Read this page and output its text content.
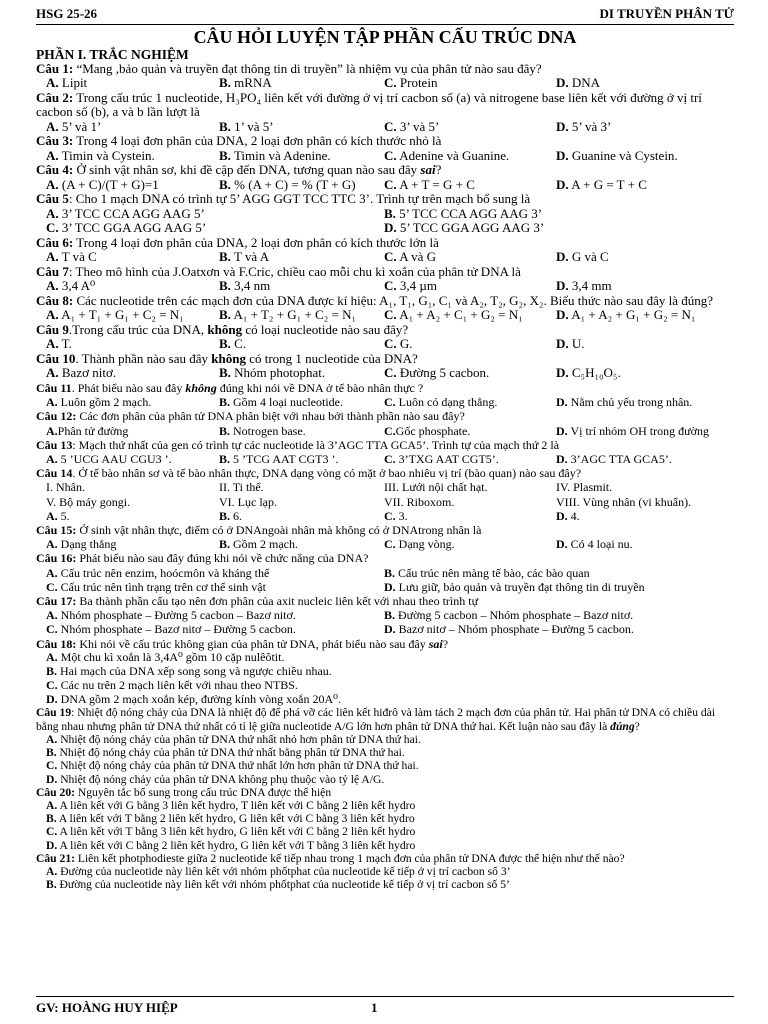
HSG 25-26	DI TRUYỀN PHÂN TỬ
CÂU HỎI LUYỆN TẬP PHẦN CẤU TRÚC DNA
PHẦN I. TRẮC NGHIỆM
Câu 1: “Mang ,bảo quản và truyền đạt thông tin di truyền” là nhiệm vụ của phân tử nào sau đây?
A. Lipit	B. mRNA	C. Protein	D. DNA
Câu 2: Trong cấu trúc 1 nucleotide, H₃PO₄ liên kết với đường ở vị trí cacbon số (a) và nitrogene base liên kết với đường ở vị trí cacbon số (b), a và b lần lượt là
A. 5’ và 1’	B. 1’ và 5’	C. 3’ và 5’	D. 5’ và 3’
Câu 3: Trong 4 loại đơn phân của DNA, 2 loại đơn phân có kích thước nhỏ là
A. Timin và Cystein.	B. Timin và Adenine.	C. Adenine và Guanine.	D. Guanine và Cystein.
Câu 4: Ở sinh vật nhân sơ, khi đề cập đến DNA, tương quan nào sau đây sai?
A. (A + C)/(T + G)=1	B. % (A + C) = % (T + G)	C. A + T = G + C	D. A + G = T + C
Câu 5: Cho 1 mạch DNA có trình tự 5’ AGG GGT TCC TTC 3’. Trình tự trên mạch bổ sung là
A. 3’ TCC CCA AGG AAG 5’	B. 5’ TCC CCA AGG AAG 3’
C. 3’ TCC GGA AGG AAG 5’	D. 5’ TCC GGA AGG AAG 3’
Câu 6: Trong 4 loại đơn phân của DNA, 2 loại đơn phân có kích thước lớn là
A. T và C	B. T và A	C. A và G	D. G và C
Câu 7: Theo mô hình của J.Oatxơn và F.Cric, chiều cao mỗi chu kì xoắn của phân tử DNA là
A. 3,4 A⁰	B. 3,4 nm	C. 3,4 µm	D. 3,4 mm
Câu 8: Các nucleotide trên các mạch đơn của DNA được kí hiệu: A₁, T₁, G₁, C₁ và A₂, T₂, G₂, X₂. Biểu thức nào sau đây là đúng?
A. A₁ + T₁ + G₁ + C₂ = N₁	B. A₁ + T₂ + G₁ + C₂ = N₁	C. A₁ + A₂ + C₁ + G₂ = N₁	D. A₁ + A₂ + G₁ + G₂ = N₁
Câu 9.Trong cấu trúc của DNA, không có loại nucleotide nào sau đây?
A. T.	B. C.	C. G.	D. U.
Câu 10. Thành phần nào sau đây không có trong 1 nucleotide của DNA?
A. Bazơ nitơ.	B. Nhóm photophat.	C. Đường 5 cacbon.	D. C₅H₁₀O₅.
Câu 11. Phát biểu nào sau đây không đúng khi nói về DNA ở tế bào nhân thực ?
A. Luôn gồm 2 mạch.	B. Gồm 4 loại nucleotide.	C. Luôn có dạng thẳng.	D. Nằm chủ yếu trong nhân.
Câu 12: Các đơn phân của phân tử DNA phân biệt với nhau bởi thành phần nào sau đây?
A.Phân tử đường	B. Notrogen base.	C.Gốc phosphate.	D. Vị trí nhóm OH trong đường
Câu 13: Mạch thứ nhất của gen có trình tự các nucleotide là 3’AGC TTA GCA5’. Trình tự của mạch thứ 2 là
A. 5 ’UCG AAU CGU3 ’.	B. 5 ’TCG AAT CGT3 ’.	C. 3’TXG AAT CGT5’.	D. 3’AGC TTA GCA5’.
Câu 14. Ở tế bào nhân sơ và tế bào nhân thực, DNA dạng vòng có mặt ở bao nhiêu vị trí (bào quan) nào sau đây?
I. Nhân.	II. Ti thể.	III. Lưới nội chất hạt.	IV. Plasmit.
V. Bộ máy gongi.	VI. Lục lạp.	VII. Riboxom.	VIII. Vùng nhân (vi khuẩn).
A. 5.	B. 6.	C. 3.	D. 4.
Câu 15: Ở sinh vật nhân thực, điểm có ở DNAngoài nhân mà không có ở DNAtrong nhân là
A. Dạng thẳng	B. Gồm 2 mạch.	C. Dạng vòng.	D. Có 4 loại nu.
Câu 16: Phát biểu nào sau đây đúng khi nói về chức năng của DNA?
A. Cấu trúc nên enzim, hoócmôn và kháng thể	B. Cấu trúc nên màng tế bào, các bào quan
C. Cấu trúc nên tình trạng trên cơ thể sinh vật	D. Lưu giữ, bảo quản và truyền đạt thông tin di truyền
Câu 17: Ba thành phần cấu tạo nên đơn phân của axit nucleic liên kết với nhau theo trình tự
A. Nhóm phosphate – Đường 5 cacbon – Bazơ nitơ.	B. Đường 5 cacbon – Nhóm phosphate – Bazơ nitơ.
C. Nhóm phosphate – Bazơ nitơ – Đường 5 cacbon.	D. Bazơ nitơ – Nhóm phosphate – Đường 5 cacbon.
Câu 18: Khi nói về cấu trúc không gian của phân tử DNA, phát biểu nào sau đây sai?
A. Một chu kì xoắn là 3,4A⁰ gồm 10 cặp nulêôtit.
B. Hai mạch của DNA xếp song song và ngược chiều nhau.
C. Các nu trên 2 mạch liên kết với nhau theo NTBS.
D. DNA gồm 2 mạch xoắn kép, đường kính vòng xoắn 20A⁰.
Câu 19: Nhiệt độ nóng chảy của DNA là nhiệt độ để phá vỡ các liên kết hiđrô và làm tách 2 mạch đơn của phân tử. Hai phân tử DNA có chiều dài bằng nhau nhưng phân tử DNA thứ nhất có tỉ lệ giữa nucleotide A/G lớn hơn phân tử DNA thứ hai. Kết luận nào sau đây là đúng?
A. Nhiệt độ nóng chảy của phân tử DNA thứ nhất nhỏ hơn phân tử DNA thứ hai.
B. Nhiệt độ nóng chảy của phân tử DNA thứ nhất bằng phân tử DNA thứ hai.
C. Nhiệt độ nóng chảy của phân tử DNA thứ nhất lớn hơn phân tử DNA thứ hai.
D. Nhiệt độ nóng chảy của phân tử DNA không phụ thuộc vào tỷ lệ A/G.
Câu 20: Nguyên tắc bổ sung trong cấu trúc DNA được thể hiện
A. A liên kết với G bằng 3 liên kết hydro, T liên kết với C bằng 2 liên kết hydro
B. A liên kết với T bằng 2 liên kết hydro, G liên kết với C bằng 3 liên kết hydro
C. A liên kết với T bằng 3 liên kết hydro, G liên kết với C bằng 2 liên kết hydro
D. A liên kết với C bằng 2 liên kết hydro, G liên kết với T bằng 3 liên kết hydro
Câu 21: Liên kết photphodieste giữa 2 nucleotide kế tiếp nhau trong 1 mạch đơn của phân tử DNA được thể hiện như thế nào?
A. Đường của nucleotide này liên kết với nhóm phốtphat của nucleotide kế tiếp ở vị trí cacbon số 3’
B. Đường của nucleotide này liên kết với nhóm phốtphat của nucleotide kế tiếp ở vị trí cacbon số 5’
GV: HOÀNG HUY HIỆP	1
